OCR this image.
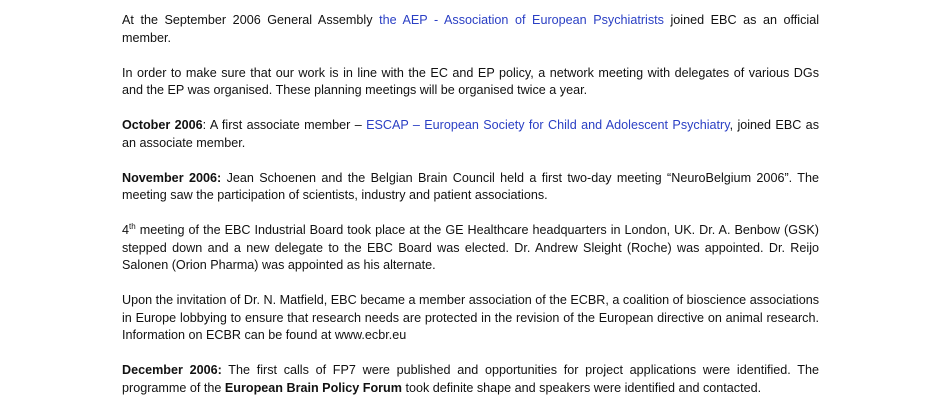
At the September 2006 General Assembly the AEP - Association of European Psychiatrists joined EBC as an official member.

In order to make sure that our work is in line with the EC and EP policy, a network meeting with delegates of various DGs and the EP was organised. These planning meetings will be organised twice a year.

October 2006: A first associate member – ESCAP – European Society for Child and Adolescent Psychiatry, joined EBC as an associate member.

November 2006: Jean Schoenen and the Belgian Brain Council held a first two-day meeting “NeuroBelgium 2006”. The meeting saw the participation of scientists, industry and patient associations.

4th meeting of the EBC Industrial Board took place at the GE Healthcare headquarters in London, UK. Dr. A. Benbow (GSK) stepped down and a new delegate to the EBC Board was elected. Dr. Andrew Sleight (Roche) was appointed. Dr. Reijo Salonen (Orion Pharma) was appointed as his alternate.

Upon the invitation of Dr. N. Matfield, EBC became a member association of the ECBR, a coalition of bioscience associations in Europe lobbying to ensure that research needs are protected in the revision of the European directive on animal research. Information on ECBR can be found at www.ecbr.eu

December 2006: The first calls of FP7 were published and opportunities for project applications were identified. The programme of the European Brain Policy Forum took definite shape and speakers were identified and contacted.
